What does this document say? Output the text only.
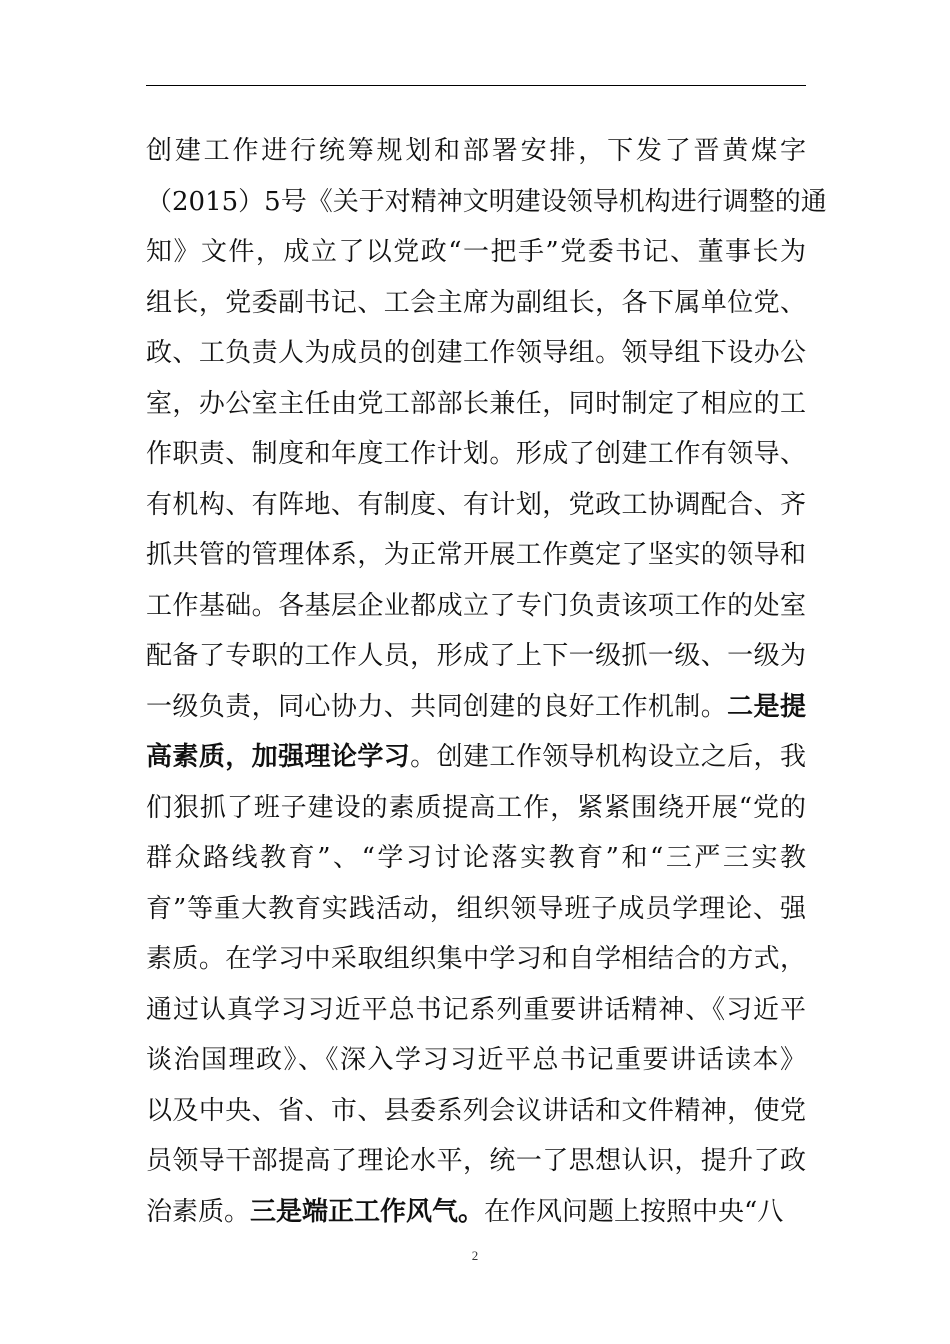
创建工作进行统筹规划和部署安排，下发了晋黄煤字
（2015）5号《关于对精神文明建设领导机构进行调整的通
知》文件，成立了以党政“一把手”党委书记、董事长为
组长，党委副书记、工会主席为副组长，各下属单位党、
政、工负责人为成员的创建工作领导组。领导组下设办公
室，办公室主任由党工部部长兼任，同时制定了相应的工
作职责、制度和年度工作计划。形成了创建工作有领导、
有机构、有阵地、有制度、有计划，党政工协调配合、齐
抓共管的管理体系，为正常开展工作奠定了坚实的领导和
工作基础。各基层企业都成立了专门负责该项工作的处室
配备了专职的工作人员，形成了上下一级抓一级、一级为
一级负责，同心协力、共同创建的良好工作机制。二是提
高素质，加强理论学习。创建工作领导机构设立之后，我
们狠抓了班子建设的素质提高工作，紧紧围绕开展“党的
群众路线教育”、“学习讨论落实教育”和“三严三实教
育”等重大教育实践活动，组织领导班子成员学理论、强
素质。在学习中采取组织集中学习和自学相结合的方式，
通过认真学习习近平总书记系列重要讲话精神、《习近平
谈治国理政》、《深入学习习近平总书记重要讲话读本》
以及中央、省、市、县委系列会议讲话和文件精神，使党
员领导干部提高了理论水平，统一了思想认识，提升了政
治素质。三是端正工作风气。在作风问题上按照中央“八
2
